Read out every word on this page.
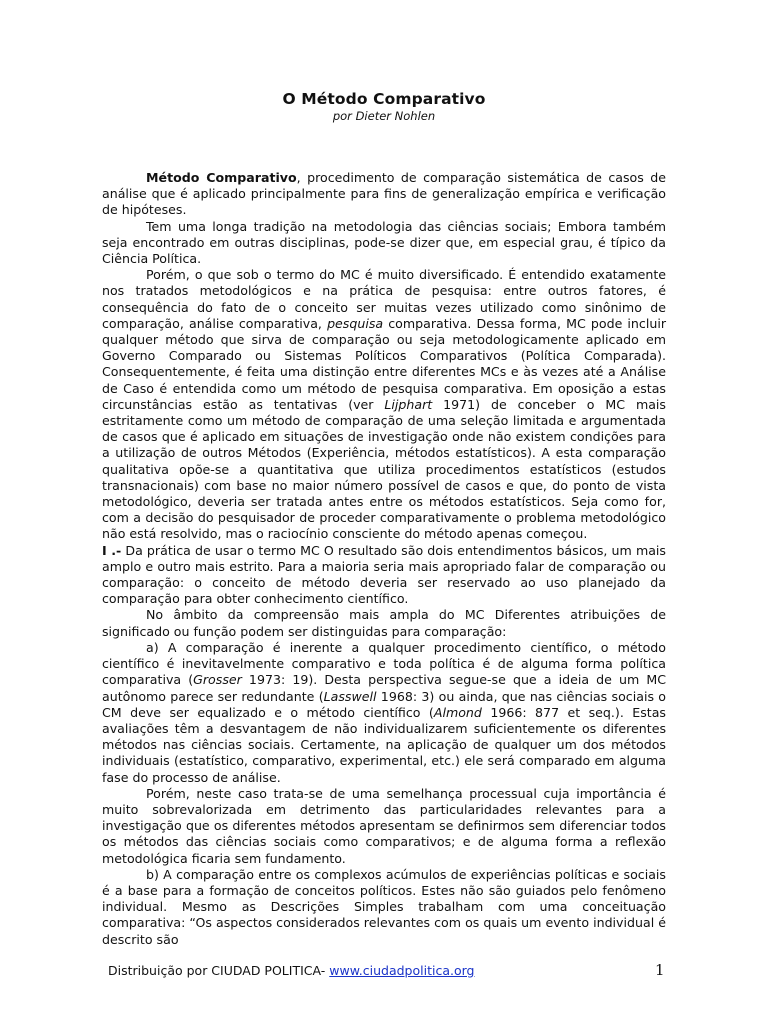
O Método Comparativo
por Dieter Nohlen

Método Comparativo, procedimento de comparação sistemática de casos de análise que é aplicado principalmente para fins de generalização empírica e verificação de hipóteses.

Tem uma longa tradição na metodologia das ciências sociais; Embora também seja encontrado em outras disciplinas, pode-se dizer que, em especial grau, é típico da Ciência Política.

Porém, o que sob o termo do MC é muito diversificado. É entendido exatamente nos tratados metodológicos e na prática de pesquisa: entre outros fatores, é consequência do fato de o conceito ser muitas vezes utilizado como sinônimo de comparação, análise comparativa, pesquisa comparativa. Dessa forma, MC pode incluir qualquer método que sirva de comparação ou seja metodologicamente aplicado em Governo Comparado ou Sistemas Políticos Comparativos (Política Comparada). Consequentemente, é feita uma distinção entre diferentes MCs e às vezes até a Análise de Caso é entendida como um método de pesquisa comparativa. Em oposição a estas circunstâncias estão as tentativas (ver Lijphart 1971) de conceber o MC mais estritamente como um método de comparação de uma seleção limitada e argumentada de casos que é aplicado em situações de investigação onde não existem condições para a utilização de outros Métodos (Experiência, métodos estatísticos). A esta comparação qualitativa opõe-se a quantitativa que utiliza procedimentos estatísticos (estudos transnacionais) com base no maior número possível de casos e que, do ponto de vista metodológico, deveria ser tratada antes entre os métodos estatísticos. Seja como for, com a decisão do pesquisador de proceder comparativamente o problema metodológico não está resolvido, mas o raciocínio consciente do método apenas começou.

I .- Da prática de usar o termo MC O resultado são dois entendimentos básicos, um mais amplo e outro mais estrito. Para a maioria seria mais apropriado falar de comparação ou comparação: o conceito de método deveria ser reservado ao uso planejado da comparação para obter conhecimento científico.

No âmbito da compreensão mais ampla do MC Diferentes atribuições de significado ou função podem ser distinguidas para comparação:

a) A comparação é inerente a qualquer procedimento científico, o método científico é inevitavelmente comparativo e toda política é de alguma forma política comparativa (Grosser 1973: 19). Desta perspectiva segue-se que a ideia de um MC autônomo parece ser redundante (Lasswell 1968: 3) ou ainda, que nas ciências sociais o CM deve ser equalizado e o método científico (Almond 1966: 877 et seq.). Estas avaliações têm a desvantagem de não individualizarem suficientemente os diferentes métodos nas ciências sociais. Certamente, na aplicação de qualquer um dos métodos individuais (estatístico, comparativo, experimental, etc.) ele será comparado em alguma fase do processo de análise.

Porém, neste caso trata-se de uma semelhança processual cuja importância é muito sobrevalorizada em detrimento das particularidades relevantes para a investigação que os diferentes métodos apresentam se definirmos sem diferenciar todos os métodos das ciências sociais como comparativos; e de alguma forma a reflexão metodológica ficaria sem fundamento.

b) A comparação entre os complexos acúmulos de experiências políticas e sociais é a base para a formação de conceitos políticos. Estes não são guiados pelo fenômeno individual. Mesmo as Descrições Simples trabalham com uma conceituação comparativa: “Os aspectos considerados relevantes com os quais um evento individual é descrito são

Distribuição por CIUDAD POLITICA- www.ciudadpolitica.org	1
